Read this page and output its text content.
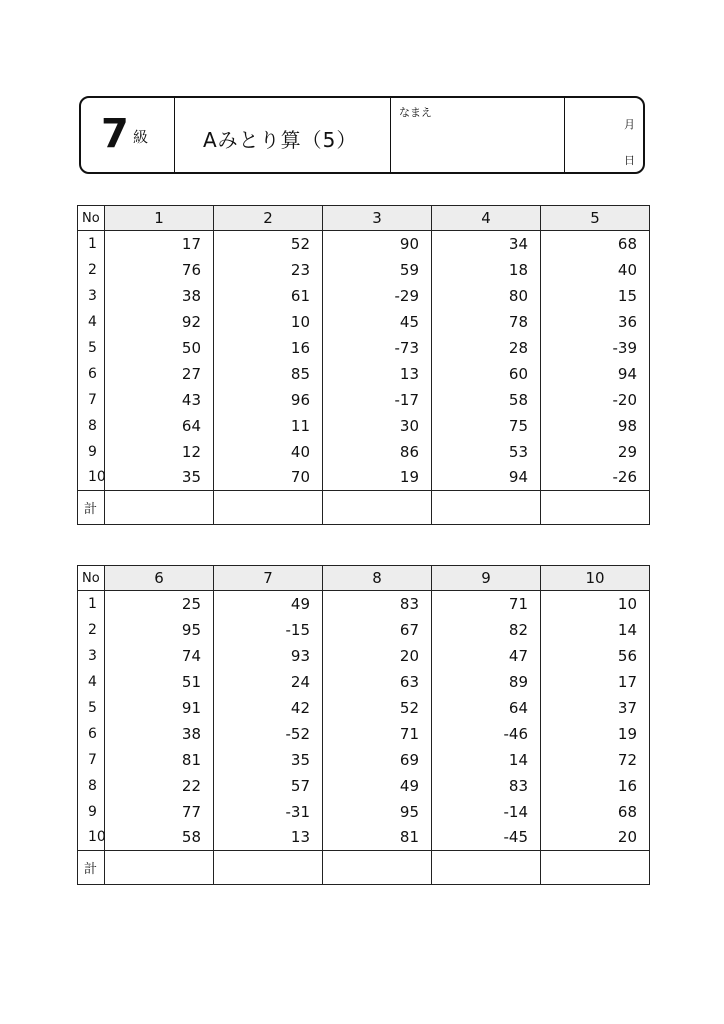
7 級	Aみとり算（5）
なまえ
月
日
No	1	2	3	4	5
1	17	52	90	34	68
2	76	23	59	18	40
3	38	61	-29	80	15
4	92	10	45	78	36
5	50	16	-73	28	-39
6	27	85	13	60	94
7	43	96	-17	58	-20
8	64	11	30	75	98
9	12	40	86	53	29
10	35	70	19	94	-26
計					
No	6	7	8	9	10
1	25	49	83	71	10
2	95	-15	67	82	14
3	74	93	20	47	56
4	51	24	63	89	17
5	91	42	52	64	37
6	38	-52	71	-46	19
7	81	35	69	14	72
8	22	57	49	83	16
9	77	-31	95	-14	68
10	58	13	81	-45	20
計					
